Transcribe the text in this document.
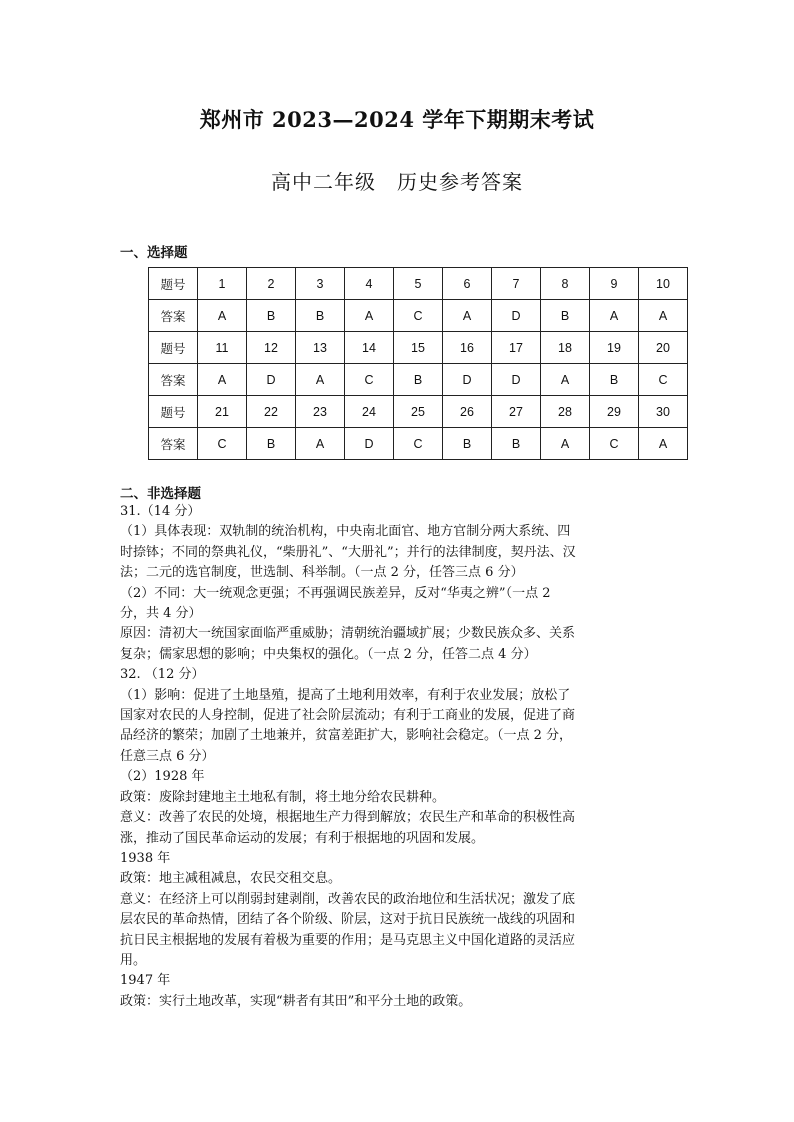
郑州市 2023—2024 学年下期期末考试
高中二年级　历史参考答案
一、选择题
题号	1	2	3	4	5	6	7	8	9	10
答案	A	B	B	A	C	A	D	B	A	A
题号	11	12	13	14	15	16	17	18	19	20
答案	A	D	A	C	B	D	D	A	B	C
题号	21	22	23	24	25	26	27	28	29	30
答案	C	B	A	D	C	B	B	A	C	A
二、非选择题

31.（14 分）

（1）具体表现：双轨制的统治机构，中央南北面官、地方官制分两大系统、四

时捺钵；不同的祭典礼仪，“柴册礼”、“大册礼”；并行的法律制度，契丹法、汉

法；二元的选官制度，世选制、科举制。（一点 2 分，任答三点 6 分）

（2）不同：大一统观念更强；不再强调民族差异，反对“华夷之辨”（一点 2

分，共 4 分）

原因：清初大一统国家面临严重威胁；清朝统治疆域扩展；少数民族众多、关系

复杂；儒家思想的影响；中央集权的强化。（一点 2 分，任答二点 4 分）

32. （12 分）

（1）影响：促进了土地垦殖，提高了土地利用效率，有利于农业发展；放松了

国家对农民的人身控制，促进了社会阶层流动；有利于工商业的发展，促进了商

品经济的繁荣；加剧了土地兼并，贫富差距扩大，影响社会稳定。（一点 2 分，

任意三点 6 分）

（2）1928 年

政策：废除封建地主土地私有制，将土地分给农民耕种。

意义：改善了农民的处境，根据地生产力得到解放；农民生产和革命的积极性高

涨，推动了国民革命运动的发展；有利于根据地的巩固和发展。

1938 年

政策：地主减租减息，农民交租交息。

意义：在经济上可以削弱封建剥削，改善农民的政治地位和生活状况；激发了底

层农民的革命热情，团结了各个阶级、阶层，这对于抗日民族统一战线的巩固和

抗日民主根据地的发展有着极为重要的作用；是马克思主义中国化道路的灵活应

用。

1947 年

政策：实行土地改革，实现“耕者有其田”和平分土地的政策。
